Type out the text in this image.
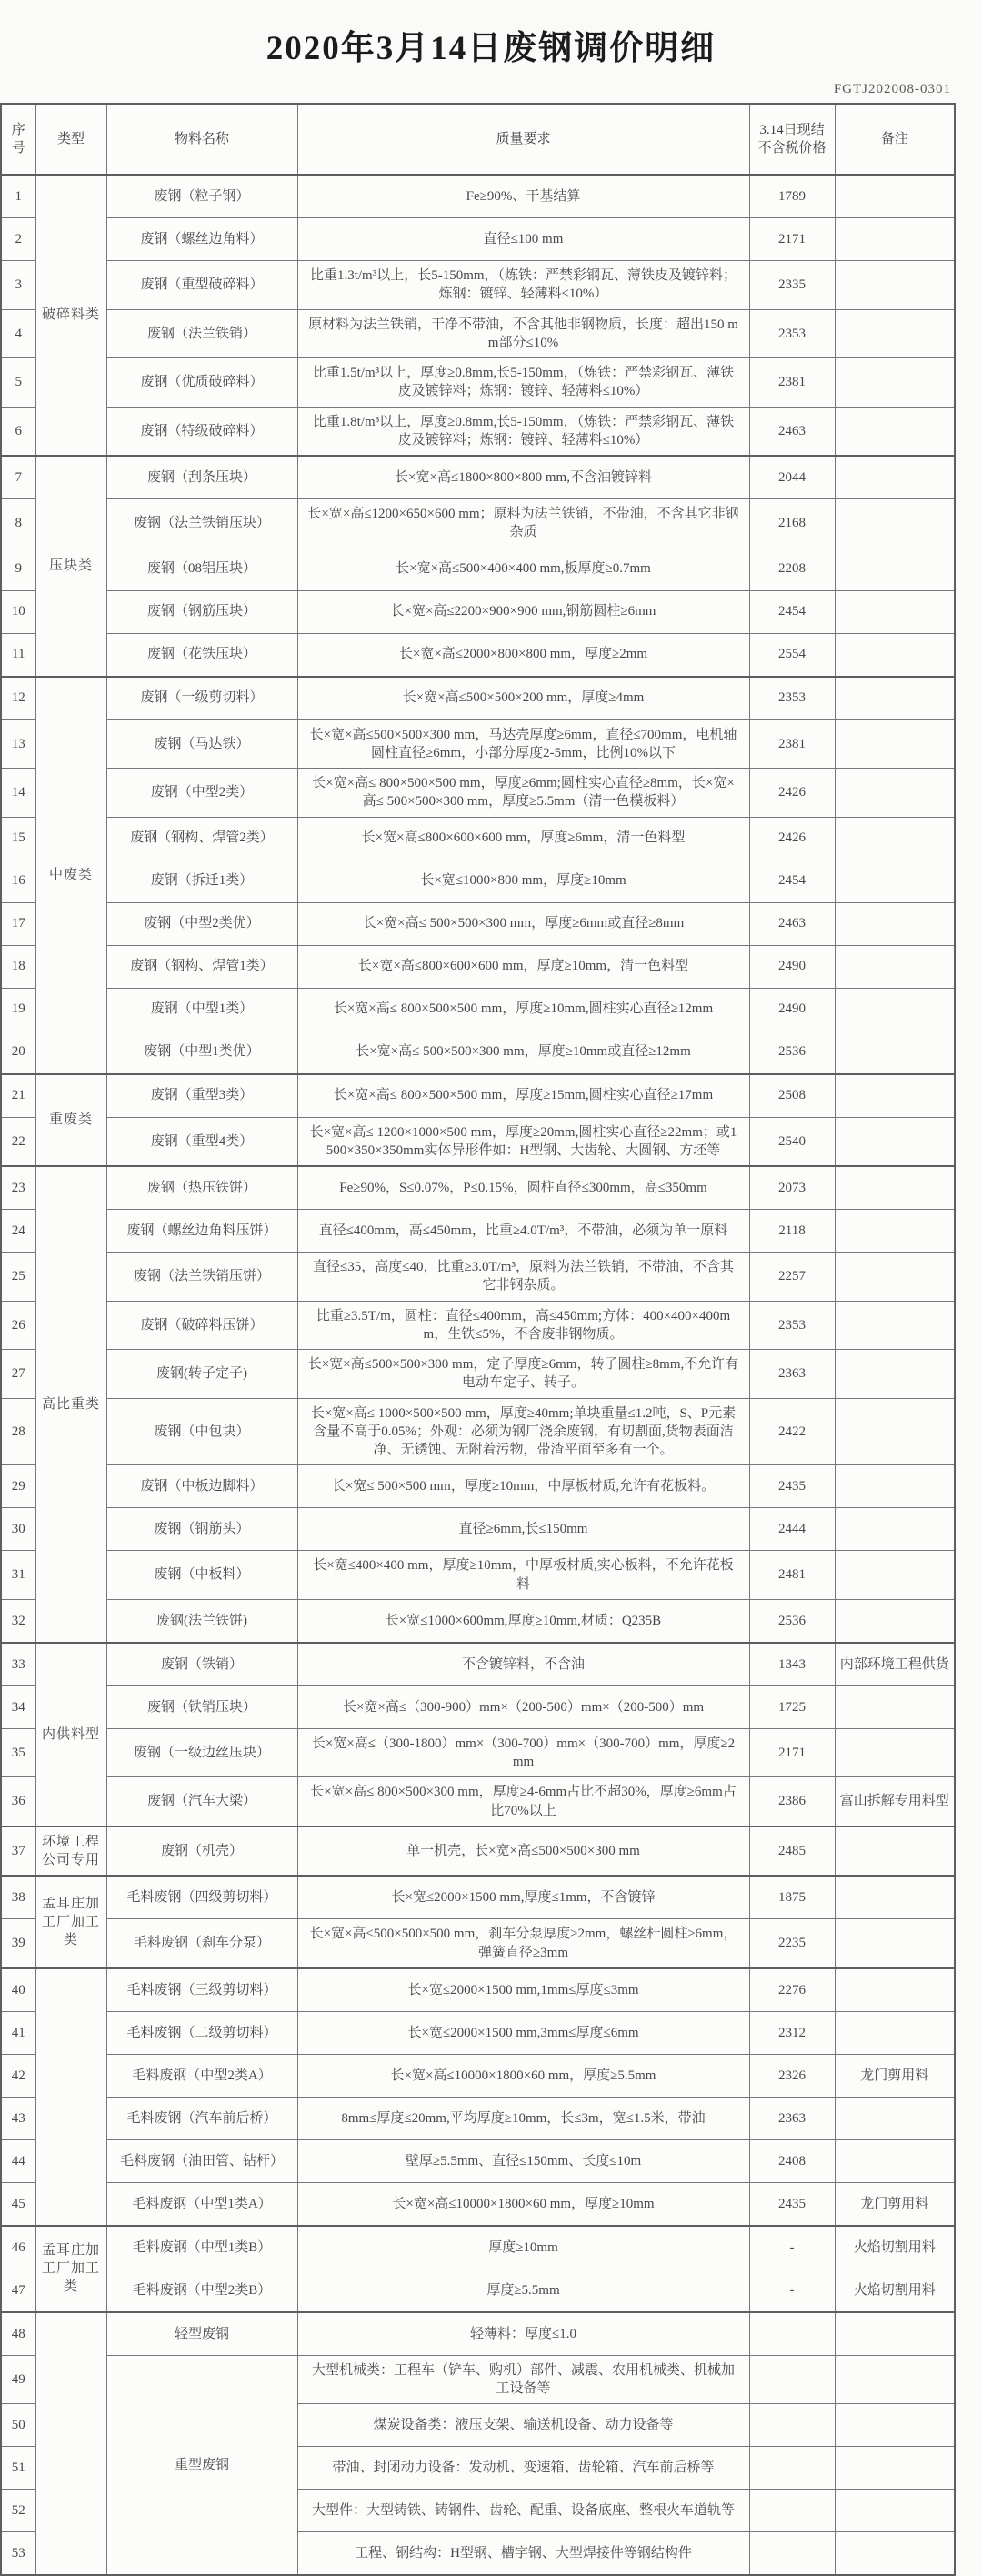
2020年3月14日废钢调价明细
FGTJ202008-0301
序号	类型	物料名称	质量要求	3.14日现结不含税价格	备注
1	破碎料类	废钢（粒子钢）	Fe≥90%、干基结算	1789	
2		废钢（螺丝边角料）	直径≤100 mm	2171	
3		废钢（重型破碎料）	比重1.3t/m³以上，长5-150mm，（炼铁：严禁彩钢瓦、薄铁皮及镀锌料；炼钢：镀锌、轻薄料≤10%）	2335	
4		废钢（法兰铁销）	原材料为法兰铁销，干净不带油，不含其他非钢物质，长度：超出150 mm部分≤10%	2353	
5		废钢（优质破碎料）	比重1.5t/m³以上，厚度≥0.8mm,长5-150mm，（炼铁：严禁彩钢瓦、薄铁皮及镀锌料；炼钢：镀锌、轻薄料≤10%）	2381	
6		废钢（特级破碎料）	比重1.8t/m³以上，厚度≥0.8mm,长5-150mm，（炼铁：严禁彩钢瓦、薄铁皮及镀锌料；炼钢：镀锌、轻薄料≤10%）	2463	
7	压块类	废钢（刮条压块）	长×宽×高≤1800×800×800 mm,不含油镀锌料	2044	
8		废钢（法兰铁销压块）	长×宽×高≤1200×650×600 mm；原料为法兰铁销，不带油，不含其它非钢杂质	2168	
9		废钢（08铝压块）	长×宽×高≤500×400×400 mm,板厚度≥0.7mm	2208	
10		废钢（钢筋压块）	长×宽×高≤2200×900×900 mm,钢筋圆柱≥6mm	2454	
11		废钢（花铁压块）	长×宽×高≤2000×800×800 mm，厚度≥2mm	2554	
12	中废类	废钢（一级剪切料）	长×宽×高≤500×500×200 mm，厚度≥4mm	2353	
13		废钢（马达铁）	长×宽×高≤500×500×300 mm，马达壳厚度≥6mm，直径≤700mm，电机轴圆柱直径≥6mm，小部分厚度2-5mm，比例10%以下	2381	
14		废钢（中型2类）	长×宽×高≤ 800×500×500 mm，厚度≥6mm;圆柱实心直径≥8mm，长×宽×高≤ 500×500×300 mm，厚度≥5.5mm（清一色模板料）	2426	
15		废钢（钢构、焊管2类）	长×宽×高≤800×600×600 mm，厚度≥6mm，清一色料型	2426	
16		废钢（拆迁1类）	长×宽≤1000×800 mm，厚度≥10mm	2454	
17		废钢（中型2类优）	长×宽×高≤ 500×500×300 mm，厚度≥6mm或直径≥8mm	2463	
18		废钢（钢构、焊管1类）	长×宽×高≤800×600×600 mm，厚度≥10mm，清一色料型	2490	
19		废钢（中型1类）	长×宽×高≤ 800×500×500 mm，厚度≥10mm,圆柱实心直径≥12mm	2490	
20		废钢（中型1类优）	长×宽×高≤ 500×500×300 mm，厚度≥10mm或直径≥12mm	2536	
21	重废类	废钢（重型3类）	长×宽×高≤ 800×500×500 mm，厚度≥15mm,圆柱实心直径≥17mm	2508	
22		废钢（重型4类）	长×宽×高≤ 1200×1000×500 mm，厚度≥20mm,圆柱实心直径≥22mm；或1500×350×350mm实体异形件如：H型钢、大齿轮、大圆钢、方坯等	2540	
23	高比重类	废钢（热压铁饼）	Fe≥90%，S≤0.07%，P≤0.15%，圆柱直径≤300mm，高≤350mm	2073	
24		废钢（螺丝边角料压饼）	直径≤400mm，高≤450mm，比重≥4.0T/m³，不带油，必须为单一原料	2118	
25		废钢（法兰铁销压饼）	直径≤35，高度≤40，比重≥3.0T/m³，原料为法兰铁销，不带油，不含其它非钢杂质。	2257	
26		废钢（破碎料压饼）	比重≥3.5T/m，圆柱：直径≤400mm，高≤450mm;方体：400×400×400mm，生铁≤5%，不含废非钢物质。	2353	
27		废钢(转子定子)	长×宽×高≤500×500×300 mm，定子厚度≥6mm，转子圆柱≥8mm,不允许有电动车定子、转子。	2363	
28		废钢（中包块）	长×宽×高≤ 1000×500×500 mm，厚度≥40mm;单块重量≤1.2吨，S、P元素含量不高于0.05%；外观：必须为钢厂浇余废钢，有切割面,货物表面洁净、无锈蚀、无附着污物，带渣平面至多有一个。	2422	
29		废钢（中板边脚料）	长×宽≤ 500×500 mm，厚度≥10mm，中厚板材质,允许有花板料。	2435	
30		废钢（钢筋头）	直径≥6mm,长≤150mm	2444	
31		废钢（中板料）	长×宽≤400×400 mm，厚度≥10mm，中厚板材质,实心板料，不允许花板料	2481	
32		废钢(法兰铁饼)	长×宽≤1000×600mm,厚度≥10mm,材质：Q235B	2536	
33	内供料型	废钢（铁销）	不含镀锌料，不含油	1343	内部环境工程供货
34		废钢（铁销压块）	长×宽×高≤（300-900）mm×（200-500）mm×（200-500）mm	1725	
35		废钢（一级边丝压块）	长×宽×高≤（300-1800）mm×（300-700）mm×（300-700）mm，厚度≥2mm	2171	
36		废钢（汽车大梁）	长×宽×高≤ 800×500×300 mm，厚度≥4-6mm占比不超30%，厚度≥6mm占比70%以上	2386	富山拆解专用料型
37	环境工程公司专用	废钢（机壳）	单一机壳，长×宽×高≤500×500×300 mm	2485	
38	孟耳庄加工厂加工类	毛料废钢（四级剪切料）	长×宽≤2000×1500 mm,厚度≤1mm，不含镀锌	1875	
39		毛料废钢（刹车分泵）	长×宽×高≤500×500×500 mm，刹车分泵厚度≥2mm，螺丝杆圆柱≥6mm，弹簧直径≥3mm	2235	
40		毛料废钢（三级剪切料）	长×宽≤2000×1500 mm,1mm≤厚度≤3mm	2276	
41		毛料废钢（二级剪切料）	长×宽≤2000×1500 mm,3mm≤厚度≤6mm	2312	
42		毛料废钢（中型2类A）	长×宽×高≤10000×1800×60 mm，厚度≥5.5mm	2326	龙门剪用料
43		毛料废钢（汽车前后桥）	8mm≤厚度≤20mm,平均厚度≥10mm，长≤3m，宽≤1.5米，带油	2363	
44		毛料废钢（油田管、钻杆）	壁厚≥5.5mm、直径≤150mm、长度≤10m	2408	
45		毛料废钢（中型1类A）	长×宽×高≤10000×1800×60 mm，厚度≥10mm	2435	龙门剪用料
46	孟耳庄加工厂加工类	毛料废钢（中型1类B）	厚度≥10mm	-	火焰切割用料
47		毛料废钢（中型2类B）	厚度≥5.5mm	-	火焰切割用料
48		轻型废钢	轻薄料：厚度≤1.0		
49		重型废钢	大型机械类：工程车（铲车、购机）部件、减震、农用机械类、机械加工设备等		
50			煤炭设备类：液压支架、输送机设备、动力设备等		
51			带油、封闭动力设备：发动机、变速箱、齿轮箱、汽车前后桥等		
52			大型件：大型铸铁、铸钢件、齿轮、配重、设备底座、整根火车道轨等		
53			工程、钢结构：H型钢、槽字钢、大型焊接件等钢结构件		
